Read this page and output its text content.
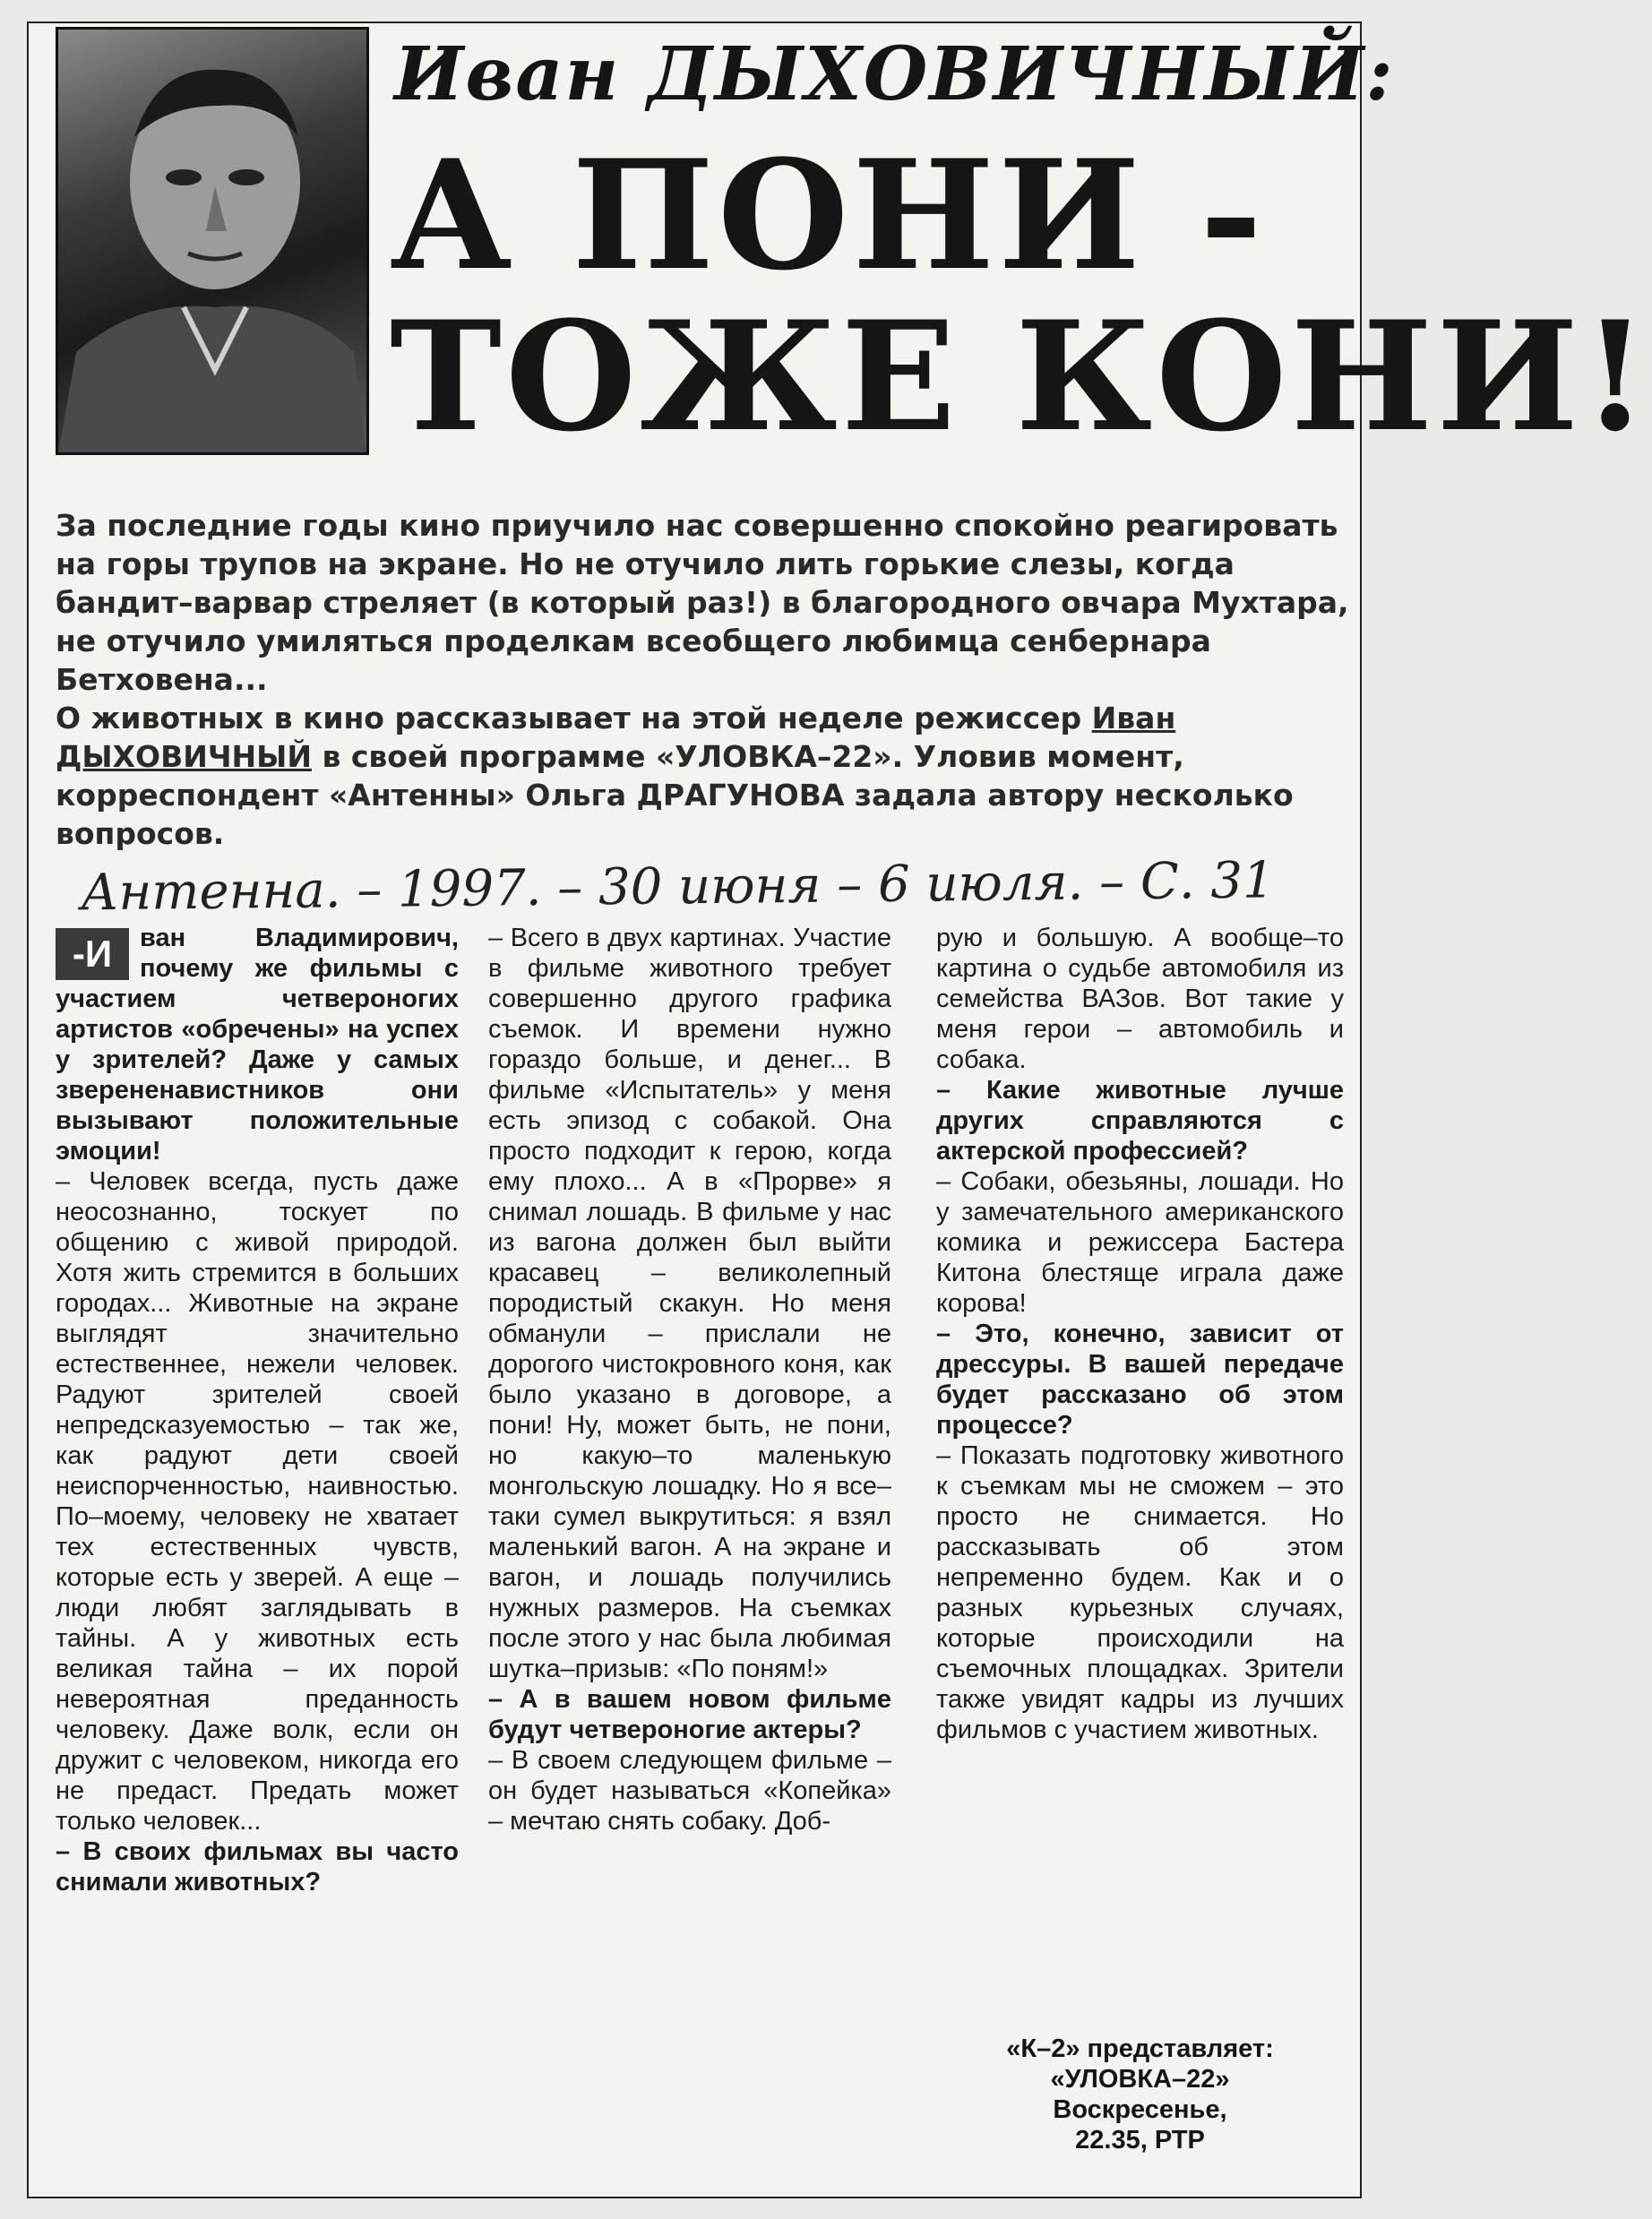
Иван ДЫХОВИЧНЫЙ:
А ПОНИ -
ТОЖЕ КОНИ!

За последние годы кино приучило нас совершенно спокойно реагировать на горы трупов на экране. Но не отучило лить горькие слезы, когда бандит–варвар стреляет (в который раз!) в благородного овчара Мухтара, не отучило умиляться проделкам всеобщего любимца сенбернара Бетховена...

О животных в кино рассказывает на этой неделе режиссер Иван ДЫХОВИЧНЫЙ в своей программе «УЛОВКА–22». Уловив момент, корреспондент «Антенны» Ольга ДРАГУНОВА задала автору несколько вопросов.

Антенна. – 1997. – 30 июня – 6 июля. – С. 31

-И	ван Владимирович, почему же фильмы с участием четвероногих артистов «обречены» на успех у зрителей? Даже у самых зверененавистников они вызывают положительные эмоции!

– Человек всегда, пусть даже неосознанно, тоскует по общению с живой природой. Хотя жить стремится в больших городах... Животные на экране выглядят значительно естественнее, нежели человек. Радуют зрителей своей непредсказуемостью – так же, как радуют дети своей неиспорченностью, наивностью. По–моему, человеку не хватает тех естественных чувств, которые есть у зверей. А еще – люди любят заглядывать в тайны. А у животных есть великая тайна – их порой невероятная преданность человеку. Даже волк, если он дружит с человеком, никогда его не предаст. Предать может только человек...

– В своих фильмах вы часто снимали животных?

– Всего в двух картинах. Участие в фильме животного требует совершенно другого графика съемок. И времени нужно гораздо больше, и денег... В фильме «Испытатель» у меня есть эпизод с собакой. Она просто подходит к герою, когда ему плохо... А в «Прорве» я снимал лошадь. В фильме у нас из вагона должен был выйти красавец – великолепный породистый скакун. Но меня обманули – прислали не дорогого чистокровного коня, как было указано в договоре, а пони! Ну, может быть, не пони, но какую–то маленькую монгольскую лошадку. Но я все–таки сумел выкрутиться: я взял маленький вагон. А на экране и вагон, и лошадь получились нужных размеров. На съемках после этого у нас была любимая шутка–призыв: «По поням!»

– А в вашем новом фильме будут четвероногие актеры?

– В своем следующем фильме – он будет называться «Копейка» – мечтаю снять собаку. Доб-

рую и большую. А вообще–то картина о судьбе автомобиля из семейства ВАЗов. Вот такие у меня герои – автомобиль и собака.

– Какие животные лучше других справляются с актерской профессией?

– Собаки, обезьяны, лошади. Но у замечательного американского комика и режиссера Бастера Китона блестяще играла даже корова!

– Это, конечно, зависит от дрессуры. В вашей передаче будет рассказано об этом процессе?

– Показать подготовку животного к съемкам мы не сможем – это просто не снимается. Но рассказывать об этом непременно будем. Как и о разных курьезных случаях, которые происходили на съемочных площадках. Зрители также увидят кадры из лучших фильмов с участием животных.

«К–2» представляет:
«УЛОВКА–22»
Воскресенье,
22.35, РТР
